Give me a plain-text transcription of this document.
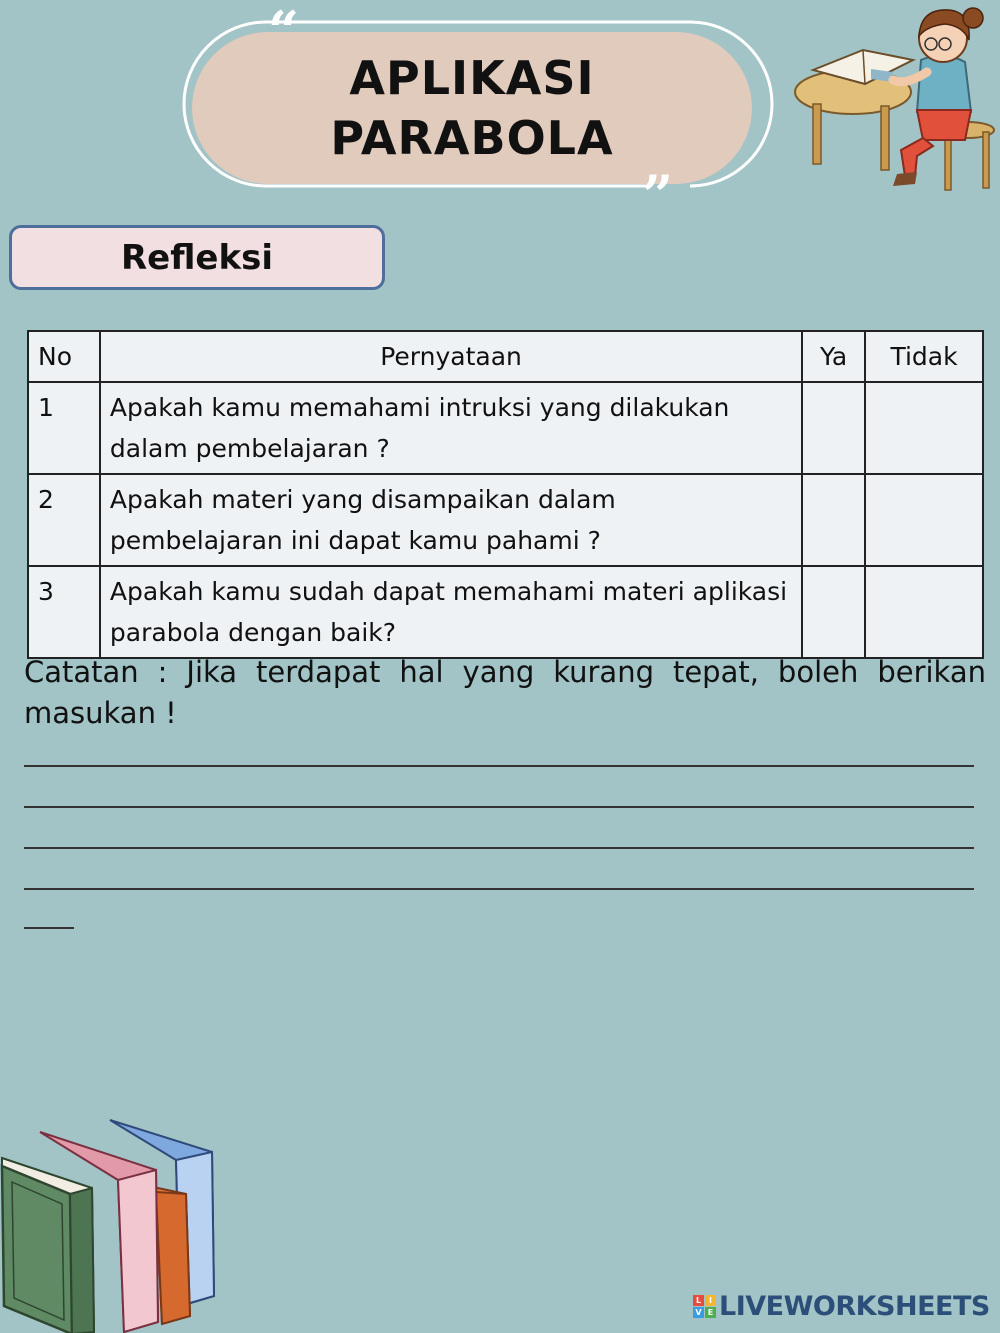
APLIKASI
PARABOLA
“
”
Refleksi
No	Pernyataan	Ya	Tidak
1	Apakah kamu memahami intruksi yang dilakukan dalam pembelajaran ?		
2	Apakah materi yang disampaikan dalam pembelajaran ini dapat kamu pahami ?		
3	Apakah kamu sudah dapat memahami materi aplikasi parabola dengan baik?		
Catatan : Jika terdapat hal yang kurang tepat, boleh berikan masukan !
L I
V E LIVEWORKSHEETS
